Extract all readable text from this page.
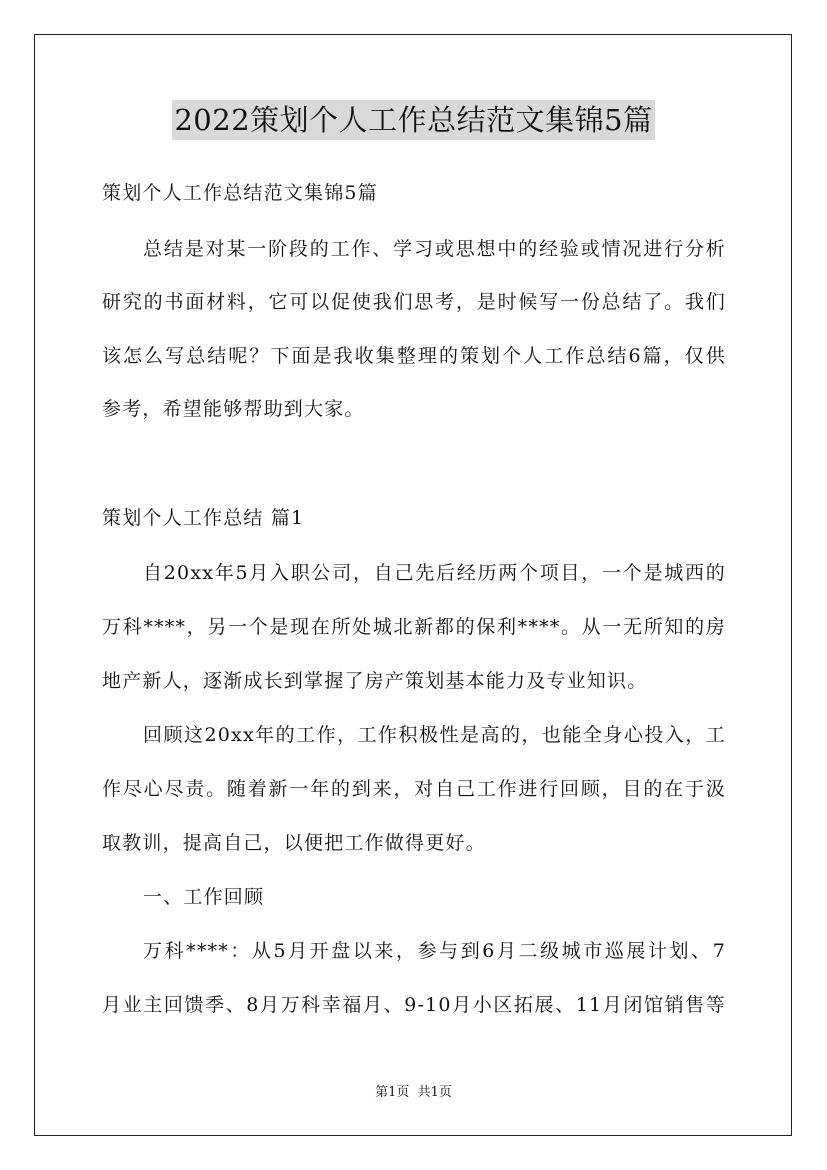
2022策划个人工作总结范文集锦5篇
策划个人工作总结范文集锦5篇
总结是对某一阶段的工作、学习或思想中的经验或情况进行分析
研究的书面材料，它可以促使我们思考，是时候写一份总结了。我们
该怎么写总结呢？下面是我收集整理的策划个人工作总结6篇，仅供
参考，希望能够帮助到大家。
策划个人工作总结 篇1
自20xx年5月入职公司，自己先后经历两个项目，一个是城西的
万科****，另一个是现在所处城北新都的保利****。从一无所知的房
地产新人，逐渐成长到掌握了房产策划基本能力及专业知识。
回顾这20xx年的工作，工作积极性是高的，也能全身心投入，工
作尽心尽责。随着新一年的到来，对自己工作进行回顾，目的在于汲
取教训，提高自己，以便把工作做得更好。
一、工作回顾
万科****：从5月开盘以来，参与到6月二级城市巡展计划、7
月业主回馈季、8月万科幸福月、9-10月小区拓展、11月闭馆销售等
第1页  共1页
